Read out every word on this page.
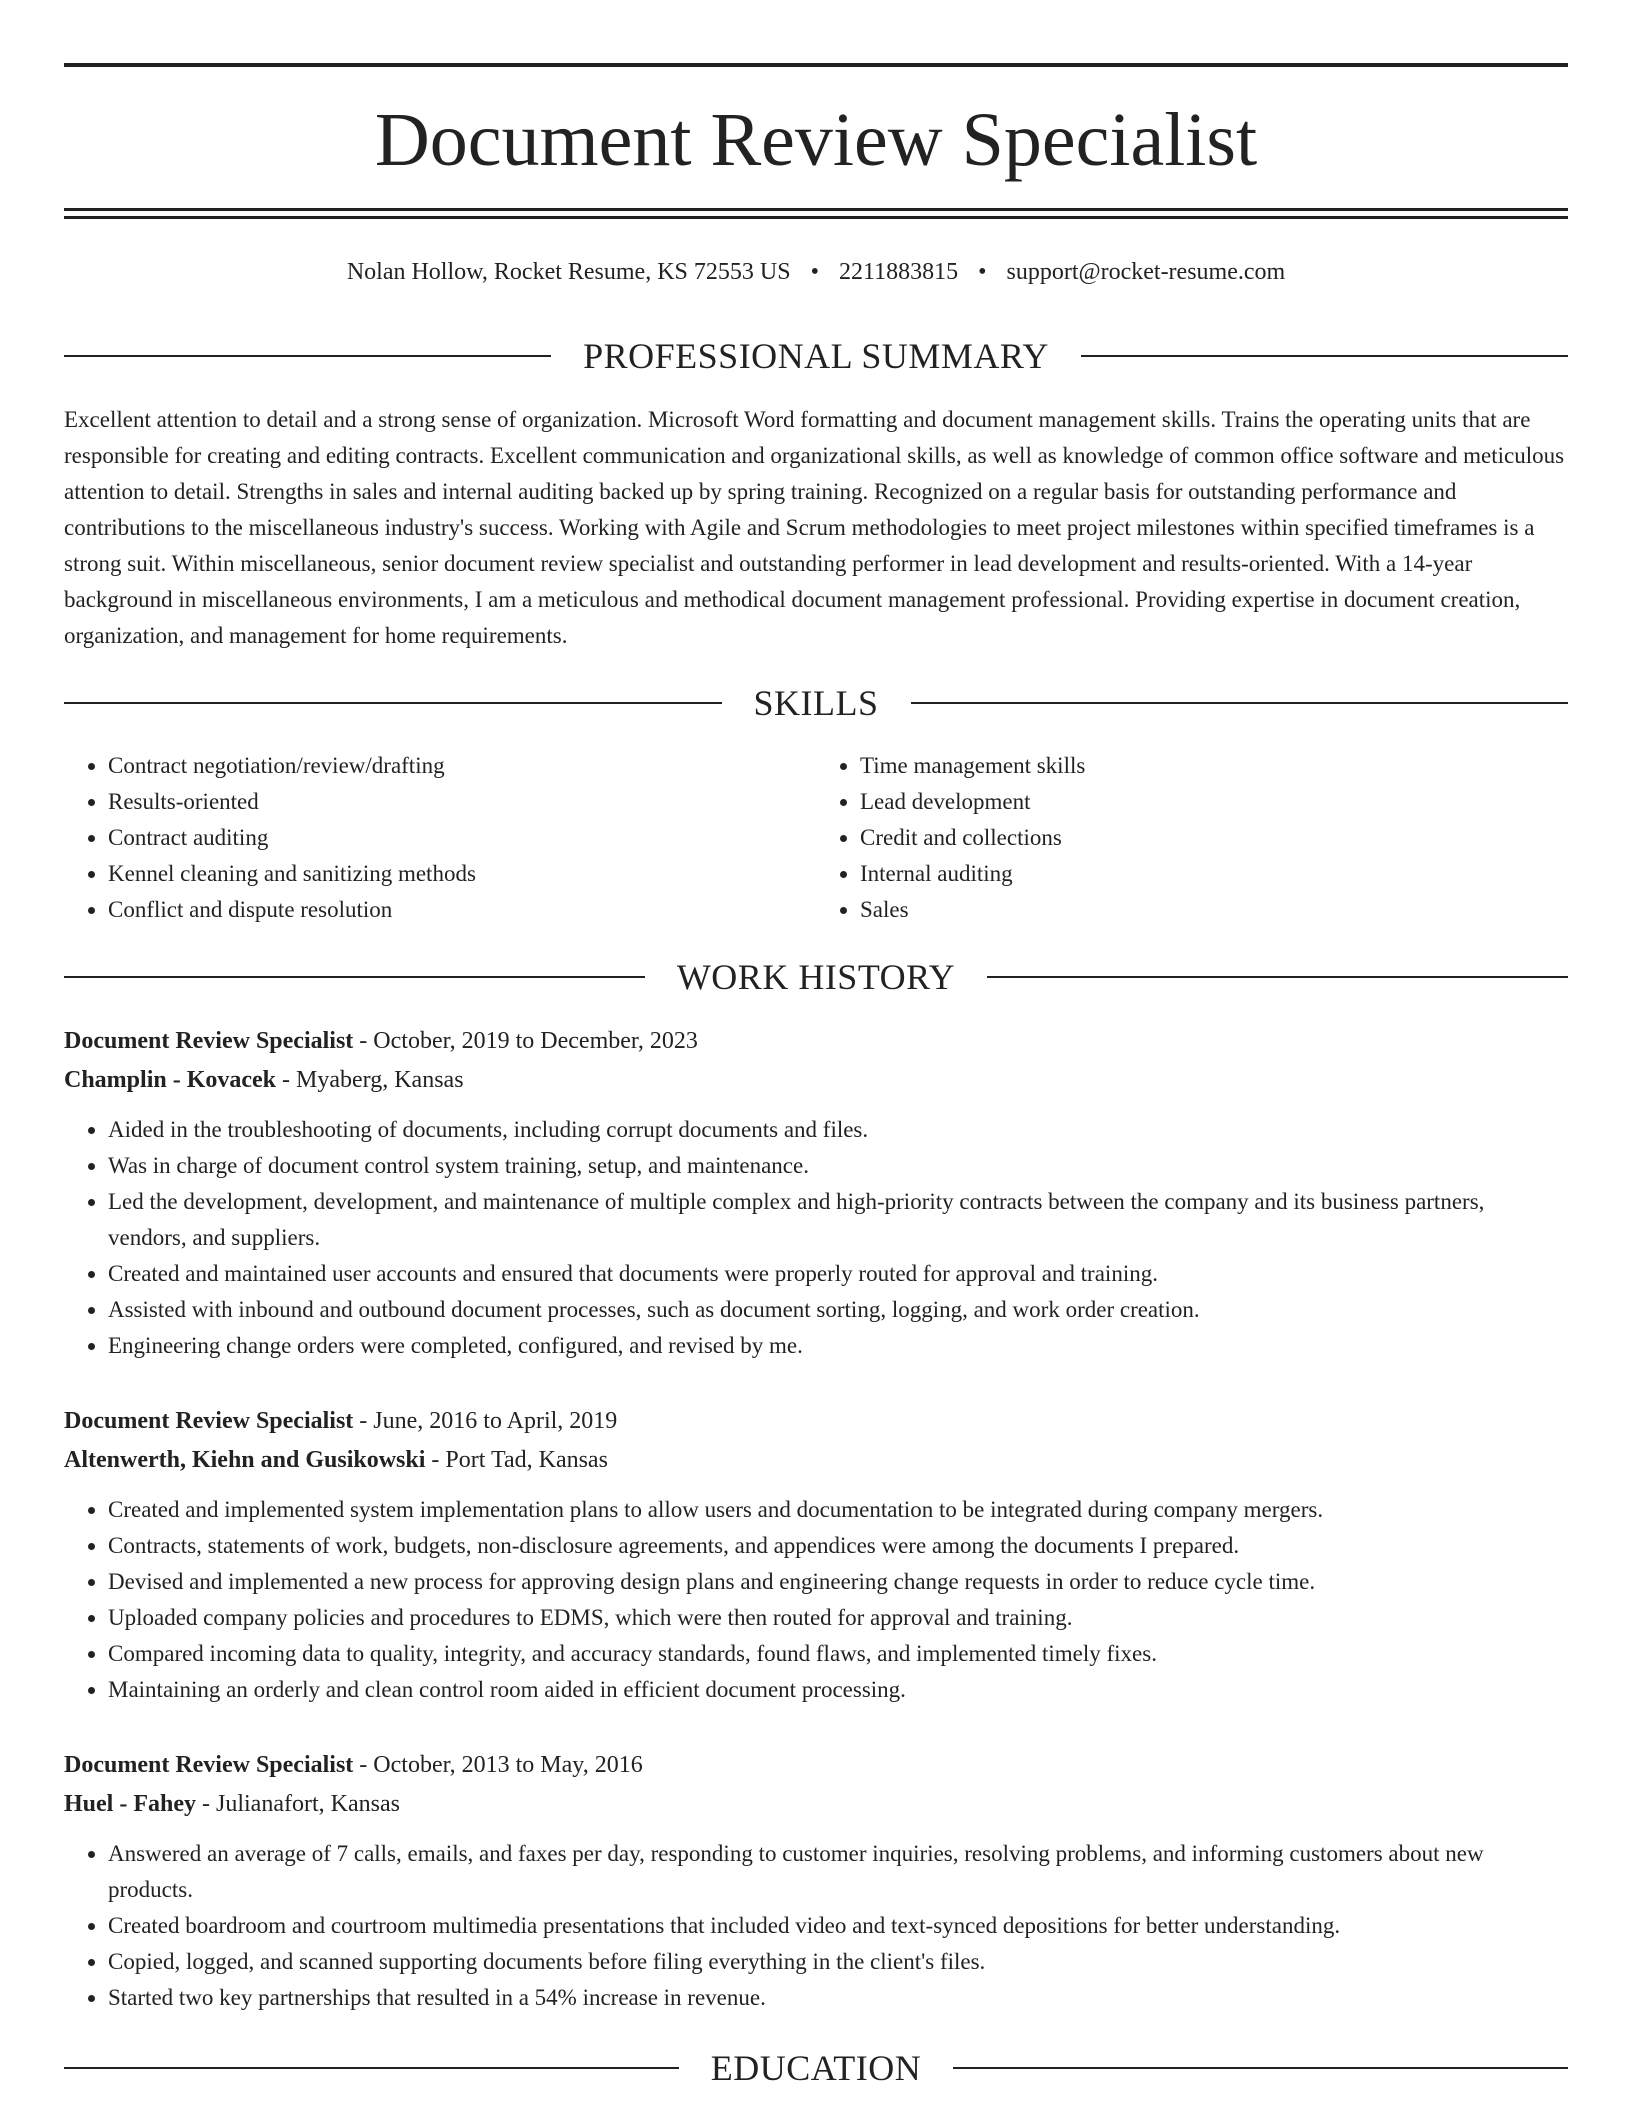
Document Review Specialist
Nolan Hollow, Rocket Resume, KS 72553 US • 2211883815 • support@rocket-resume.com
PROFESSIONAL SUMMARY

Excellent attention to detail and a strong sense of organization. Microsoft Word formatting and document management skills. Trains the operating units that are responsible for creating and editing contracts. Excellent communication and organizational skills, as well as knowledge of common office software and meticulous attention to detail. Strengths in sales and internal auditing backed up by spring training. Recognized on a regular basis for outstanding performance and contributions to the miscellaneous industry's success. Working with Agile and Scrum methodologies to meet project milestones within specified timeframes is a strong suit. Within miscellaneous, senior document review specialist and outstanding performer in lead development and results-oriented. With a 14-year background in miscellaneous environments, I am a meticulous and methodical document management professional. Providing expertise in document creation, organization, and management for home requirements.

SKILLS
• Contract negotiation/review/drafting
• Results-oriented
• Contract auditing
• Kennel cleaning and sanitizing methods
• Conflict and dispute resolution
• Time management skills
• Lead development
• Credit and collections
• Internal auditing
• Sales
WORK HISTORY
Document Review Specialist - October, 2019 to December, 2023
Champlin - Kovacek - Myaberg, Kansas
• Aided in the troubleshooting of documents, including corrupt documents and files.
• Was in charge of document control system training, setup, and maintenance.
• Led the development, development, and maintenance of multiple complex and high-priority contracts between the company and its business partners, vendors, and suppliers.
• Created and maintained user accounts and ensured that documents were properly routed for approval and training.
• Assisted with inbound and outbound document processes, such as document sorting, logging, and work order creation.
• Engineering change orders were completed, configured, and revised by me.
Document Review Specialist - June, 2016 to April, 2019
Altenwerth, Kiehn and Gusikowski - Port Tad, Kansas
• Created and implemented system implementation plans to allow users and documentation to be integrated during company mergers.
• Contracts, statements of work, budgets, non-disclosure agreements, and appendices were among the documents I prepared.
• Devised and implemented a new process for approving design plans and engineering change requests in order to reduce cycle time.
• Uploaded company policies and procedures to EDMS, which were then routed for approval and training.
• Compared incoming data to quality, integrity, and accuracy standards, found flaws, and implemented timely fixes.
• Maintaining an orderly and clean control room aided in efficient document processing.
Document Review Specialist - October, 2013 to May, 2016
Huel - Fahey - Julianafort, Kansas
• Answered an average of 7 calls, emails, and faxes per day, responding to customer inquiries, resolving problems, and informing customers about new products.
• Created boardroom and courtroom multimedia presentations that included video and text-synced depositions for better understanding.
• Copied, logged, and scanned supporting documents before filing everything in the client's files.
• Started two key partnerships that resulted in a 54% increase in revenue.
EDUCATION
